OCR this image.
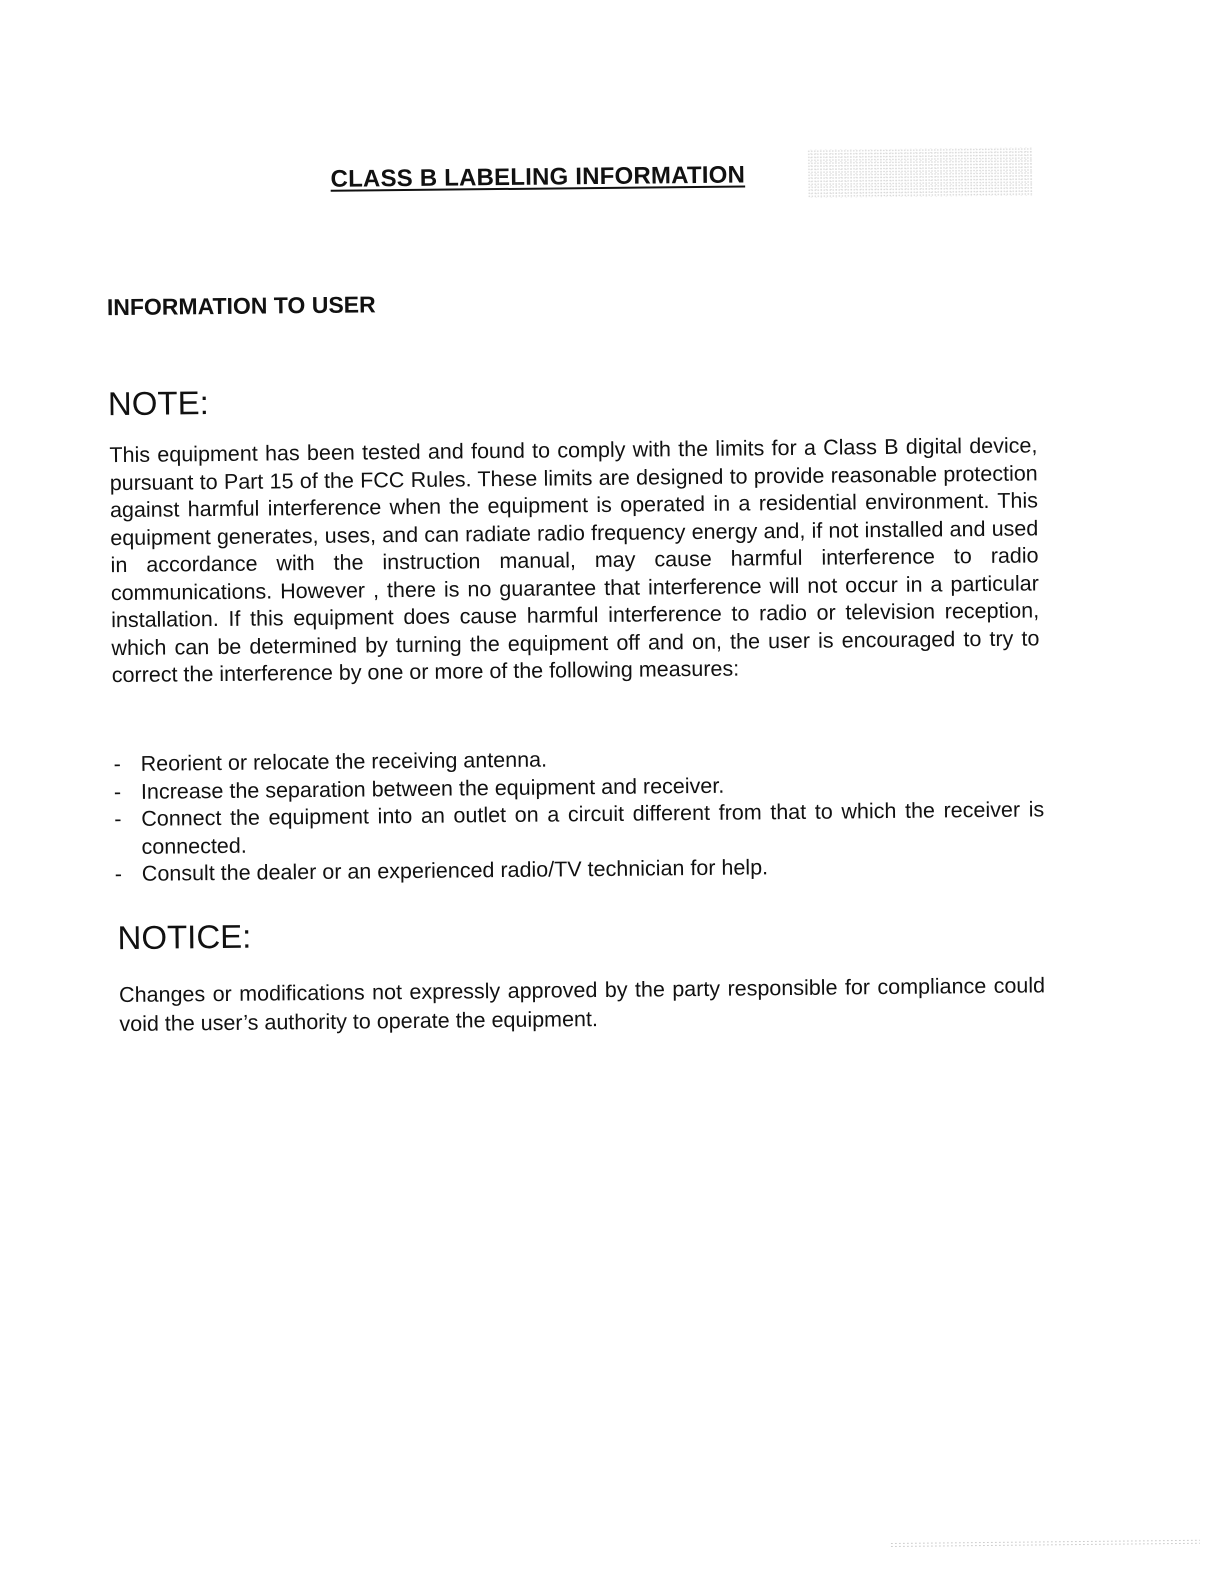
CLASS B LABELING INFORMATION
INFORMATION TO USER
NOTE:

This equipment has been tested and found to comply with the limits for a Class B digital device, pursuant to Part 15 of the FCC Rules. These limits are designed to provide reasonable protection against harmful interference when the equipment is operated in a residential environment. This equipment generates, uses, and can radiate radio frequency energy and, if not installed and used in accordance with the instruction manual, may cause harmful interference to radio communications. However , there is no guarantee that interference will not occur in a particular installation. If this equipment does cause harmful interference to radio or television reception, which can be determined by turning the equipment off and on, the user is encouraged to try to correct the interference by one or more of the following measures:

- Reorient or relocate the receiving antenna.
- Increase the separation between the equipment and receiver.
- Connect the equipment into an outlet on a circuit different from that to which the receiver is connected.
- Consult the dealer or an experienced radio/TV technician for help.
NOTICE:

Changes or modifications not expressly approved by the party responsible for compliance could void the user’s authority to operate the equipment.
